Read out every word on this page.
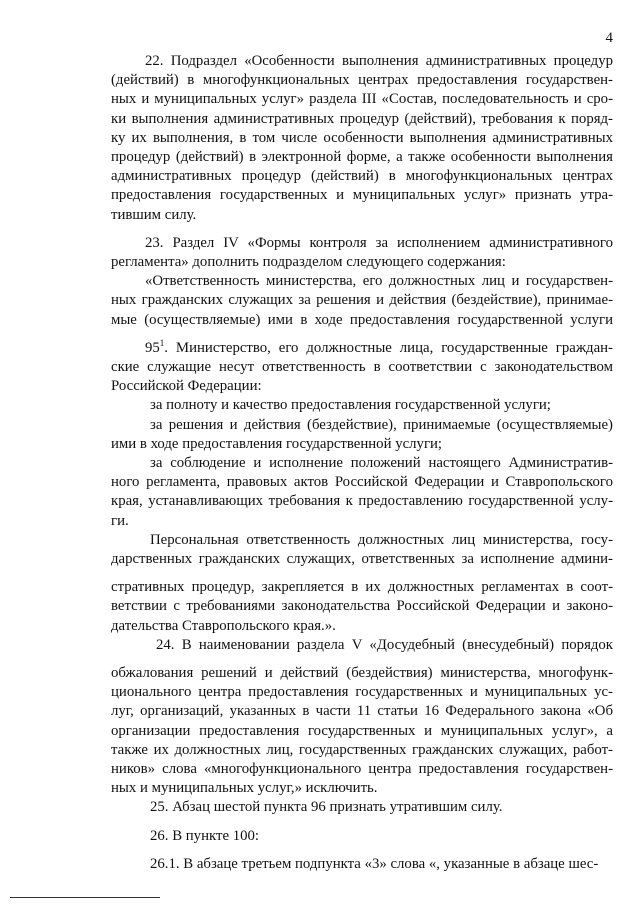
4
22. Подраздел «Особенности выполнения административных процедур
(действий) в многофункциональных центрах предоставления государствен-
ных и муниципальных услуг» раздела III «Состав, последовательность и сро-
ки выполнения административных процедур (действий), требования к поряд-
ку их выполнения, в том числе особенности выполнения административных
процедур (действий) в электронной форме, а также особенности выполнения
административных процедур (действий) в многофункциональных центрах
предоставления государственных и муниципальных услуг» признать утра-
тившим силу.
23. Раздел IV «Формы контроля за исполнением административного
регламента» дополнить подразделом следующего содержания:
«Ответственность министерства, его должностных лиц и государствен-
ных гражданских служащих за решения и действия (бездействие), принимае-
мые (осуществляемые) ими в ходе предоставления государственной услуги
$95^1$. Министерство, его должностные лица, государственные граждан-
ские служащие несут ответственность в соответствии с законодательством
Российской Федерации:
за полноту и качество предоставления государственной услуги;
за решения и действия (бездействие), принимаемые (осуществляемые)
ими в ходе предоставления государственной услуги;
за соблюдение и исполнение положений настоящего Административ-
ного регламента, правовых актов Российской Федерации и Ставропольского
края, устанавливающих требования к предоставлению государственной услу-
ги.
Персональная ответственность должностных лиц министерства, госу-
дарственных гражданских служащих, ответственных за исполнение админи-
стративных процедур, закрепляется в их должностных регламентах в соот-
ветствии с требованиями законодательства Российской Федерации и законо-
дательства Ставропольского края.».
24. В наименовании раздела V «Досудебный (внесудебный) порядок
обжалования решений и действий (бездействия) министерства, многофунк-
ционального центра предоставления государственных и муниципальных ус-
луг, организаций, указанных в части 11 статьи 16 Федерального закона «Об
организации предоставления государственных и муниципальных услуг», а
также их должностных лиц, государственных гражданских служащих, работ-
ников» слова «многофункционального центра предоставления государствен-
ных и муниципальных услуг,» исключить.
25. Абзац шестой пункта 96 признать утратившим силу.
26. В пункте 100:
26.1. В абзаце третьем подпункта «3» слова «, указанные в абзаце шес-
